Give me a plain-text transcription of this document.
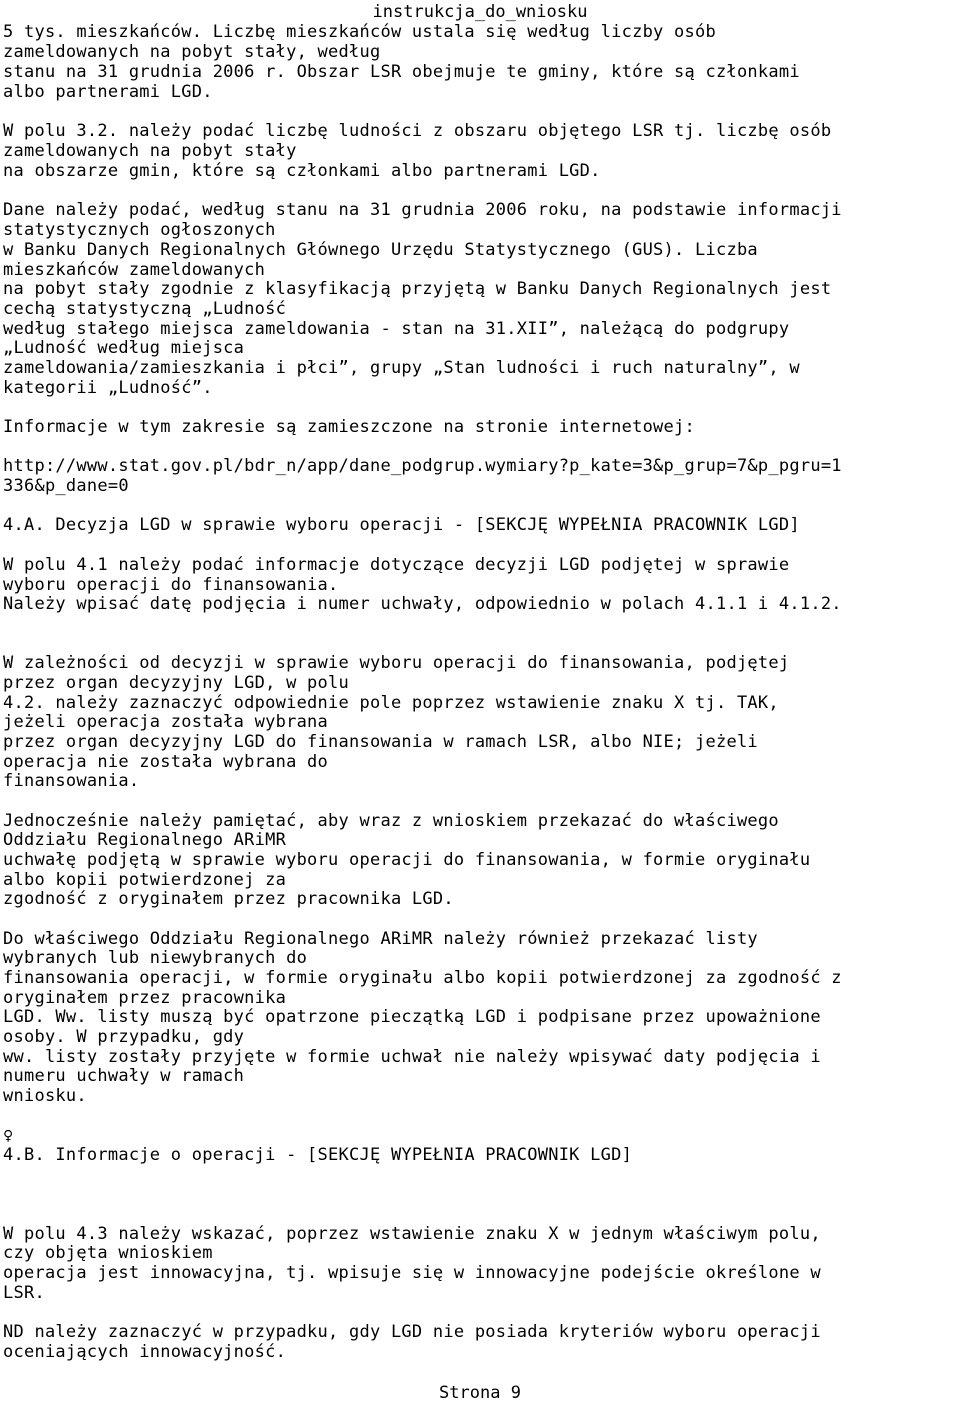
instrukcja_do_wniosku
5 tys. mieszkańców. Liczbę mieszkańców ustala się według liczby osób
zameldowanych na pobyt stały, według
stanu na 31 grudnia 2006 r. Obszar LSR obejmuje te gminy, które są członkami
albo partnerami LGD.
W polu 3.2. należy podać liczbę ludności z obszaru objętego LSR tj. liczbę osób
zameldowanych na pobyt stały
na obszarze gmin, które są członkami albo partnerami LGD.
Dane należy podać, według stanu na 31 grudnia 2006 roku, na podstawie informacji
statystycznych ogłoszonych
w Banku Danych Regionalnych Głównego Urzędu Statystycznego (GUS). Liczba
mieszkańców zameldowanych
na pobyt stały zgodnie z klasyfikacją przyjętą w Banku Danych Regionalnych jest
cechą statystyczną „Ludność
według stałego miejsca zameldowania - stan na 31.XII”, należącą do podgrupy
„Ludność według miejsca
zameldowania/zamieszkania i płci”, grupy „Stan ludności i ruch naturalny”, w
kategorii „Ludność”.
Informacje w tym zakresie są zamieszczone na stronie internetowej:
http://www.stat.gov.pl/bdr_n/app/dane_podgrup.wymiary?p_kate=3&p_grup=7&p_pgru=1
336&p_dane=0
4.A. Decyzja LGD w sprawie wyboru operacji - [SEKCJĘ WYPEŁNIA PRACOWNIK LGD]
W polu 4.1 należy podać informacje dotyczące decyzji LGD podjętej w sprawie
wyboru operacji do finansowania.
Należy wpisać datę podjęcia i numer uchwały, odpowiednio w polach 4.1.1 i 4.1.2.
W zależności od decyzji w sprawie wyboru operacji do finansowania, podjętej
przez organ decyzyjny LGD, w polu
4.2. należy zaznaczyć odpowiednie pole poprzez wstawienie znaku X tj. TAK,
jeżeli operacja została wybrana
przez organ decyzyjny LGD do finansowania w ramach LSR, albo NIE; jeżeli
operacja nie została wybrana do
finansowania.
Jednocześnie należy pamiętać, aby wraz z wnioskiem przekazać do właściwego
Oddziału Regionalnego ARiMR
uchwałę podjętą w sprawie wyboru operacji do finansowania, w formie oryginału
albo kopii potwierdzonej za
zgodność z oryginałem przez pracownika LGD.
Do właściwego Oddziału Regionalnego ARiMR należy również przekazać listy
wybranych lub niewybranych do
finansowania operacji, w formie oryginału albo kopii potwierdzonej za zgodność z
oryginałem przez pracownika
LGD. Ww. listy muszą być opatrzone pieczątką LGD i podpisane przez upoważnione
osoby. W przypadku, gdy
ww. listy zostały przyjęte w formie uchwał nie należy wpisywać daty podjęcia i
numeru uchwały w ramach
wniosku.
♀
4.B. Informacje o operacji - [SEKCJĘ WYPEŁNIA PRACOWNIK LGD]
W polu 4.3 należy wskazać, poprzez wstawienie znaku X w jednym właściwym polu,
czy objęta wnioskiem
operacja jest innowacyjna, tj. wpisuje się w innowacyjne podejście określone w
LSR.
ND należy zaznaczyć w przypadku, gdy LGD nie posiada kryteriów wyboru operacji
oceniających innowacyjność.
Strona 9
